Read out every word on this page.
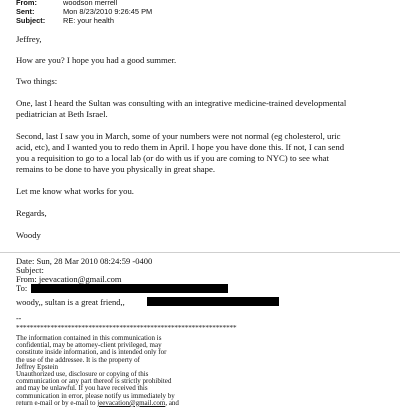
From:	woodson merrell
Sent:	Mon 8/23/2010 9:26:45 PM
Subject: RE: your health
Jeffrey,
How are you? I hope you had a good summer.
Two things:
One, last I heard the Sultan was consulting with an integrative medicine-trained developmental
pediatrician at Beth Israel.
Second, last I saw you in March, some of your numbers were not normal (eg cholesterol, uric
acid, etc), and I wanted you to redo them in April. I hope you have done this. If not, I can send
you a requisition to go to a local lab (or do with us if you are coming to NYC) to see what
remains to be done to have you physically in great shape.
Let me know what works for you.
Regards,
Woody
Date: Sun, 28 Mar 2010 08:24:59 -0400
Subject:
From: jeevacation@gmail.com
To:
woody,, sultan is a great friend,,
--
****************************************************************
The information contained in this communication is
confidential, may be attorney-client privileged, may
constitute inside information, and is intended only for
the use of the addressee. It is the property of
Jeffrey Epstein
Unauthorized use, disclosure or copying of this
communication or any part thereof is strictly prohibited
and may be unlawful. If you have received this
communication in error, please notify us immediately by
return e-mail or by e-mail to jeevacation@gmail.com, and
